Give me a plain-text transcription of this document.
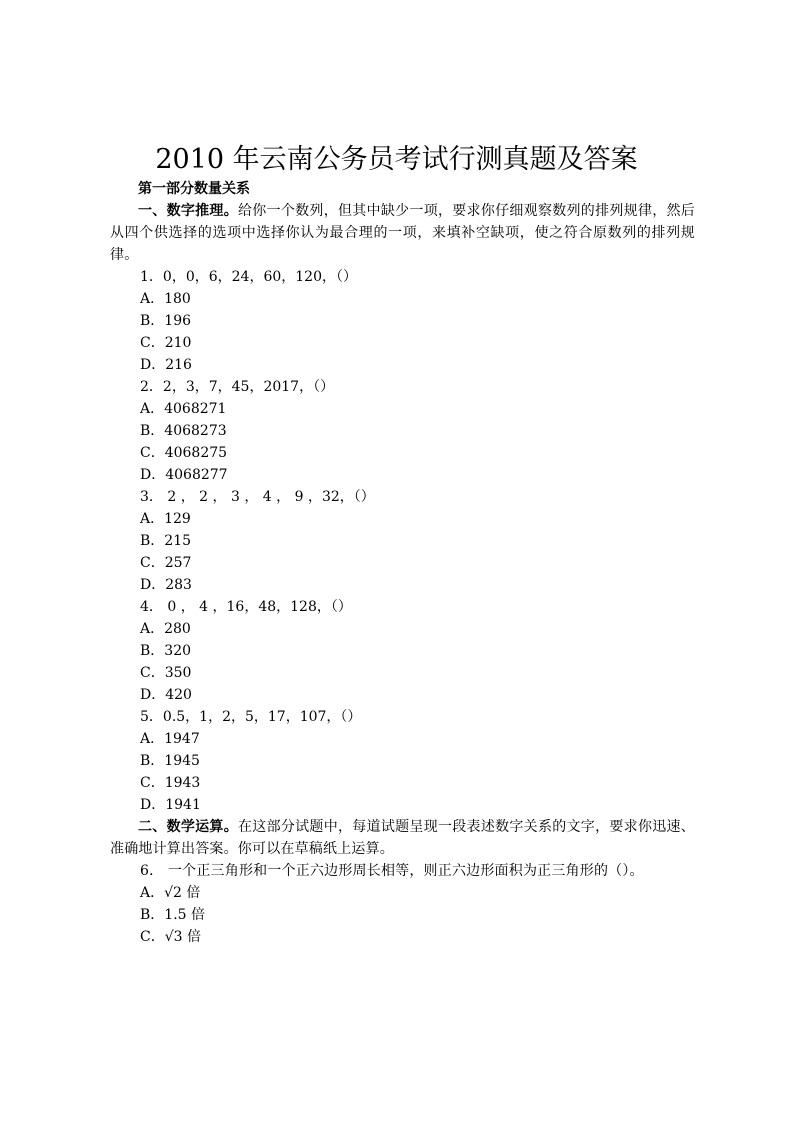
2010 年云南公务员考试行测真题及答案
第一部分数量关系
一、数字推理。给你一个数列，但其中缺少一项，要求你仔细观察数列的排列规律，然后从四个供选择的选项中选择你认为最合理的一项，来填补空缺项，使之符合原数列的排列规律。
1．0，0，6，24，60，120，（）
A．180
B．196
C．210
D．216
2．2，3，7，45，2017，（）
A．4068271
B．4068273
C．4068275
D．4068277
3． 2 ， 2 ， 3 ， 4 ， 9 ，32，（）
A．129
B．215
C．257
D．283
4． 0 ， 4 ，16，48，128，（）
A．280
B．320
C．350
D．420
5．0.5，1，2，5，17，107，（）
A．1947
B．1945
C．1943
D．1941
二、数学运算。在这部分试题中，每道试题呈现一段表述数字关系的文字，要求你迅速、准确地计算出答案。你可以在草稿纸上运算。
6． 一个正三角形和一个正六边形周长相等，则正六边形面积为正三角形的（）。
A．√2 倍
B．1.5 倍
C．√3 倍
